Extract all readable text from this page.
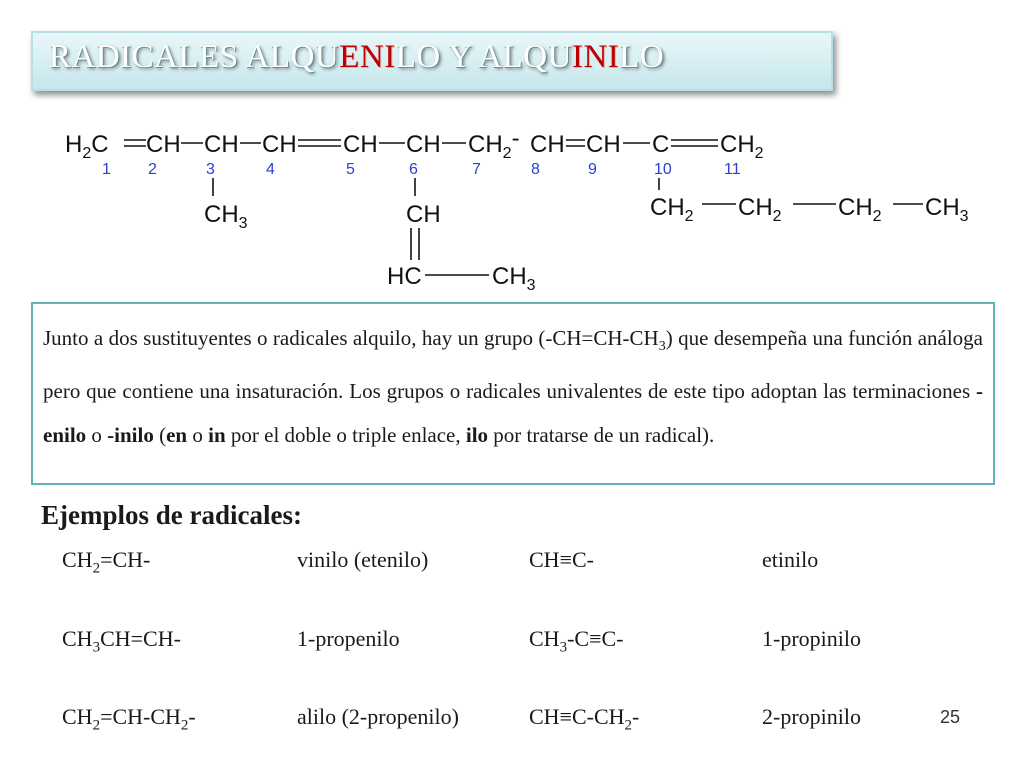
RADICALES ALQUENILO Y ALQUINILO
$H_2C$ CH CH CH CH CH $CH_2-$ CH CH C $CH_2$
$CH_3$	CH
HC	$CH_3$
$CH_2$ $CH_2$ $CH_2$ $CH_3$
1 2	3	4	5	6	7	8	9	10	11
Junto a dos sustituyentes o radicales alquilo, hay un grupo $(-CH=CH-CH_3)$ que desempeña una función análoga pero que contiene una insaturación. Los grupos o radicales univalentes de este tipo adoptan las terminaciones -enilo o -inilo (en o in por el doble o triple enlace, ilo por tratarse de un radical).
Ejemplos de radicales:
$CH_2=CH-$	vinilo (etenilo)	CH≡C-	etinilo
$CH_3CH=CH-$	1-propenilo	$CH_3-C\equiv C-$	1-propinilo
$CH_2=CH-CH_2-$	alilo (2-propenilo)	$CH\equiv C-CH_2-$	2-propinilo	25
